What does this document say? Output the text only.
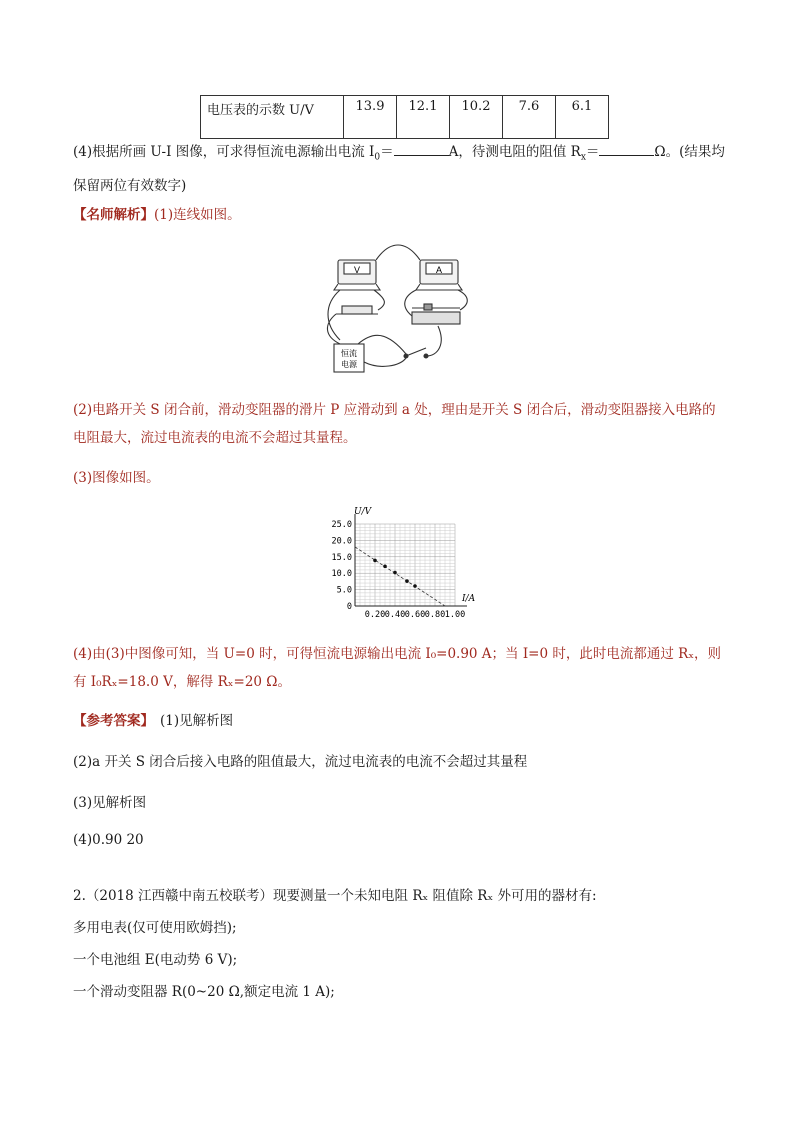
电压表的示数 U/V	13.9	12.1	10.2	7.6	6.1
(4)根据所画 U-I 图像，可求得恒流电源输出电流 $I_0=$	A，待测电阻的阻值 $R_x=$	Ω。(结果均
保留两位有效数字)
【名师解析】(1)连线如图。
V	A
恒流
电源
(2)电路开关 S 闭合前，滑动变阻器的滑片 P 应滑动到 a 处，理由是开关 S 闭合后，滑动变阻器接入电路的
电阻最大，流过电流表的电流不会超过其量程。
(3)图像如图。
25.0
20.0
15.0
10.0
5.0
0
0.20 0.40 0.60 0.80 1.00
U/V
I/A
(4)由(3)中图像可知，当 U=0 时，可得恒流电源输出电流 I₀=0.90 A；当 I=0 时，此时电流都通过 Rₓ，则
有 I₀Rₓ=18.0 V，解得 Rₓ=20 Ω。
【参考答案】 (1)见解析图
(2)a 开关 S 闭合后接入电路的阻值最大，流过电流表的电流不会超过其量程
(3)见解析图
(4)0.90 20
2.（2018 江西赣中南五校联考）现要测量一个未知电阻 Rₓ 阻值除 Rₓ 外可用的器材有:
多用电表(仅可使用欧姆挡);
一个电池组 E(电动势 6 V);
一个滑动变阻器 R(0~20 Ω,额定电流 1 A);
